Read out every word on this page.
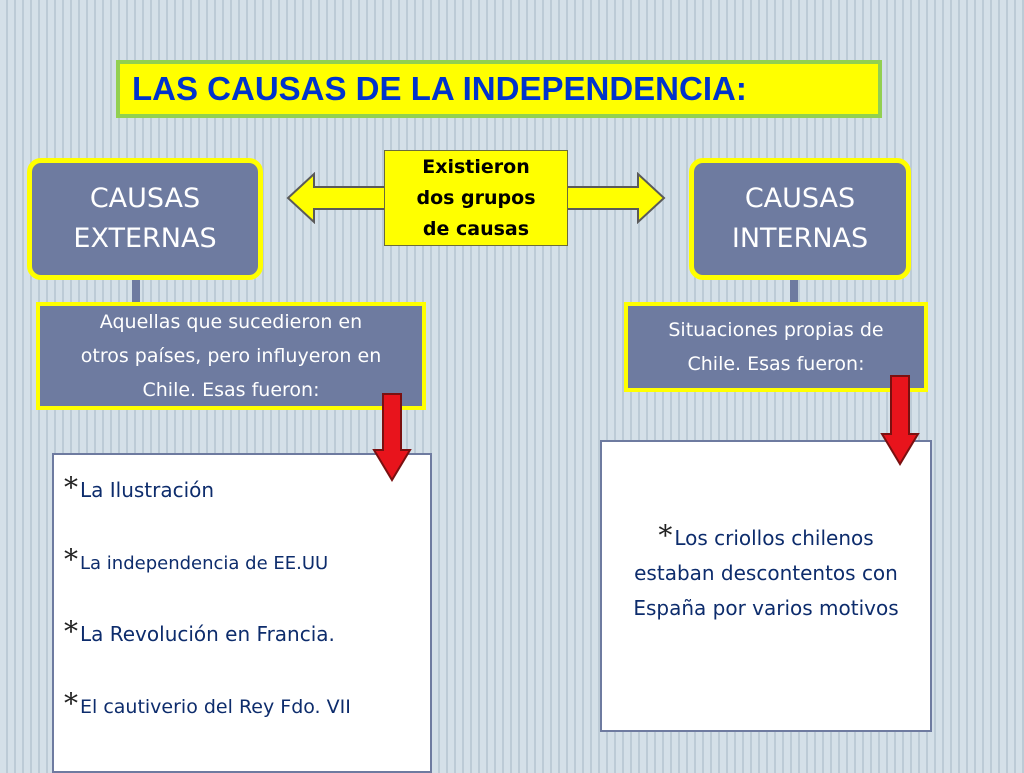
LAS CAUSAS DE LA INDEPENDENCIA:
Existieron
dos grupos
de causas
CAUSAS
EXTERNAS
CAUSAS
INTERNAS
Aquellas que sucedieron en
otros países, pero influyeron en
Chile. Esas fueron:
Situaciones propias de
Chile. Esas fueron:
* La Ilustración
* La independencia de EE.UU
* La Revolución en Francia.
* El cautiverio del Rey Fdo. VII
* Los criollos chilenos
estaban descontentos con
España por varios motivos
